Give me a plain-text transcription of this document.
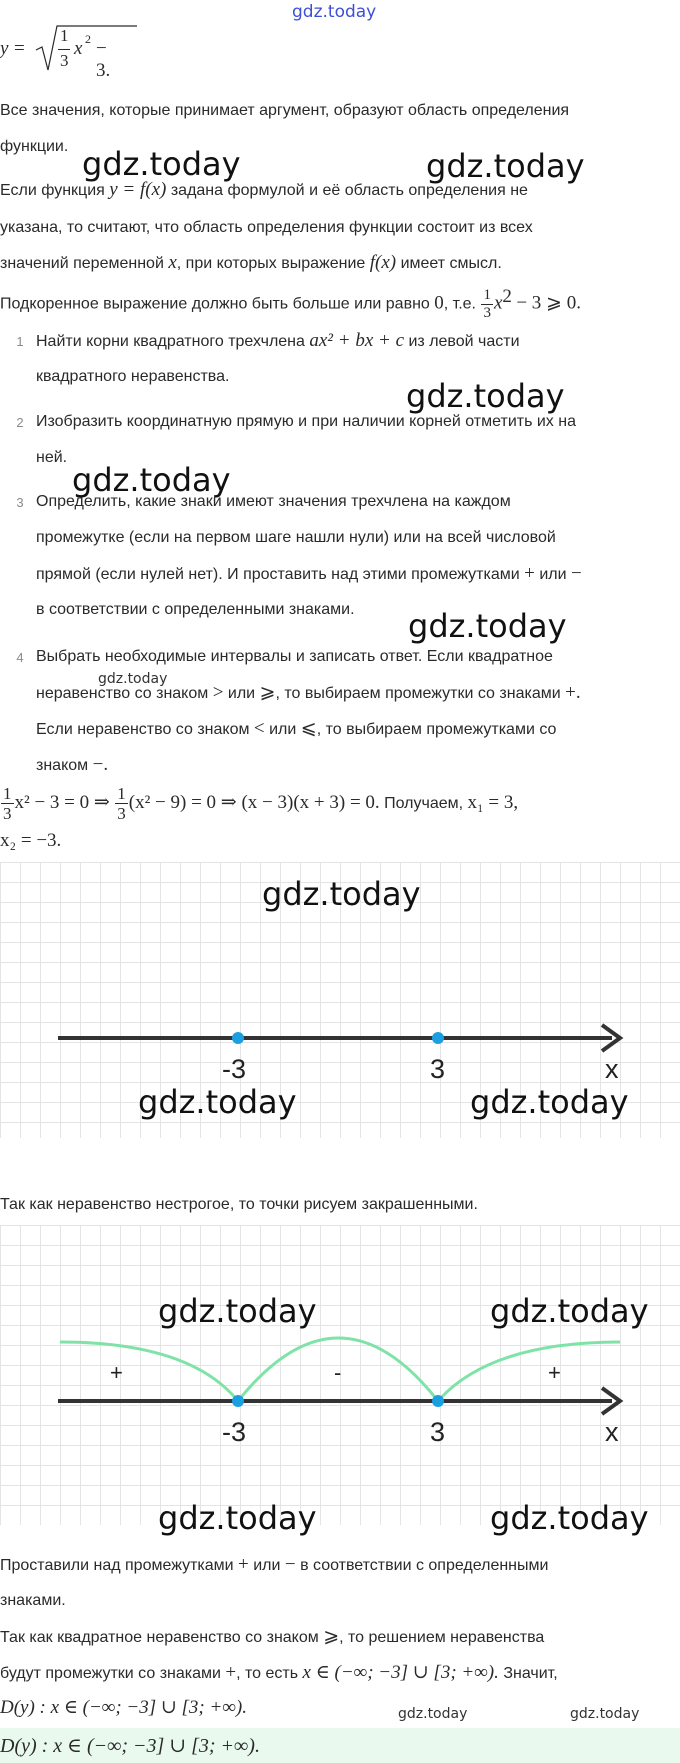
gdz.today
y =
1
3
x 2 − 3.
Все значения, которые принимает аргумент, образуют область определения
функции.
Если функция y = f(x) задана формулой и её область определения не
указана, то считают, что область определения функции состоит из всех
значений переменной x, при которых выражение f(x) имеет смысл.
Подкоренное выражение должно быть больше или равно 0, т.е. $\frac{1}{3} x^2 - 3$ ⩾ 0.
1 Найти корни квадратного трехчлена ax² + bx + c из левой части
квадратного неравенства.
2 Изобразить координатную прямую и при наличии корней отметить их на
ней.
3 Определить, какие знаки имеют значения трехчлена на каждом
промежутке (если на первом шаге нашли нули) или на всей числовой
прямой (если нулей нет). И проставить над этими промежутками + или −
в соответствии с определенными знаками.
4 Выбрать необходимые интервалы и записать ответ. Если квадратное
неравенство со знаком > или ⩾, то выбираем промежутки со знаками +.
Если неравенство со знаком < или ⩽, то выбираем промежутками со
знаком −.
$\frac{1}{3} x^2 - 3 = 0$ ⇒ $\frac{1}{3} (x^2 - 9) = 0$ ⇒ (x − 3)(x + 3) = 0. Получаем, x₁ = 3,
x₂ = −3.
-3	3	x
Так как неравенство нестрогое, то точки рисуем закрашенными.
+	-	+
-3	3	x
Проставили над промежутками + или − в соответствии с определенными
знаками.
Так как квадратное неравенство со знаком ⩾, то решением неравенства
будут промежутки со знаками +, то есть x ∈ (−∞; −3] ∪ [3; +∞). Значит,
D(y) : x ∈ (−∞; −3] ∪ [3; +∞).
D(y) : x ∈ (−∞; −3] ∪ [3; +∞).
gdz.today	gdz.today
gdz.today
gdz.today
gdz.today
gdz.today
gdz.today
gdz.today	gdz.today
gdz.today	gdz.today
gdz.today	gdz.today
gdz.today	gdz.today
